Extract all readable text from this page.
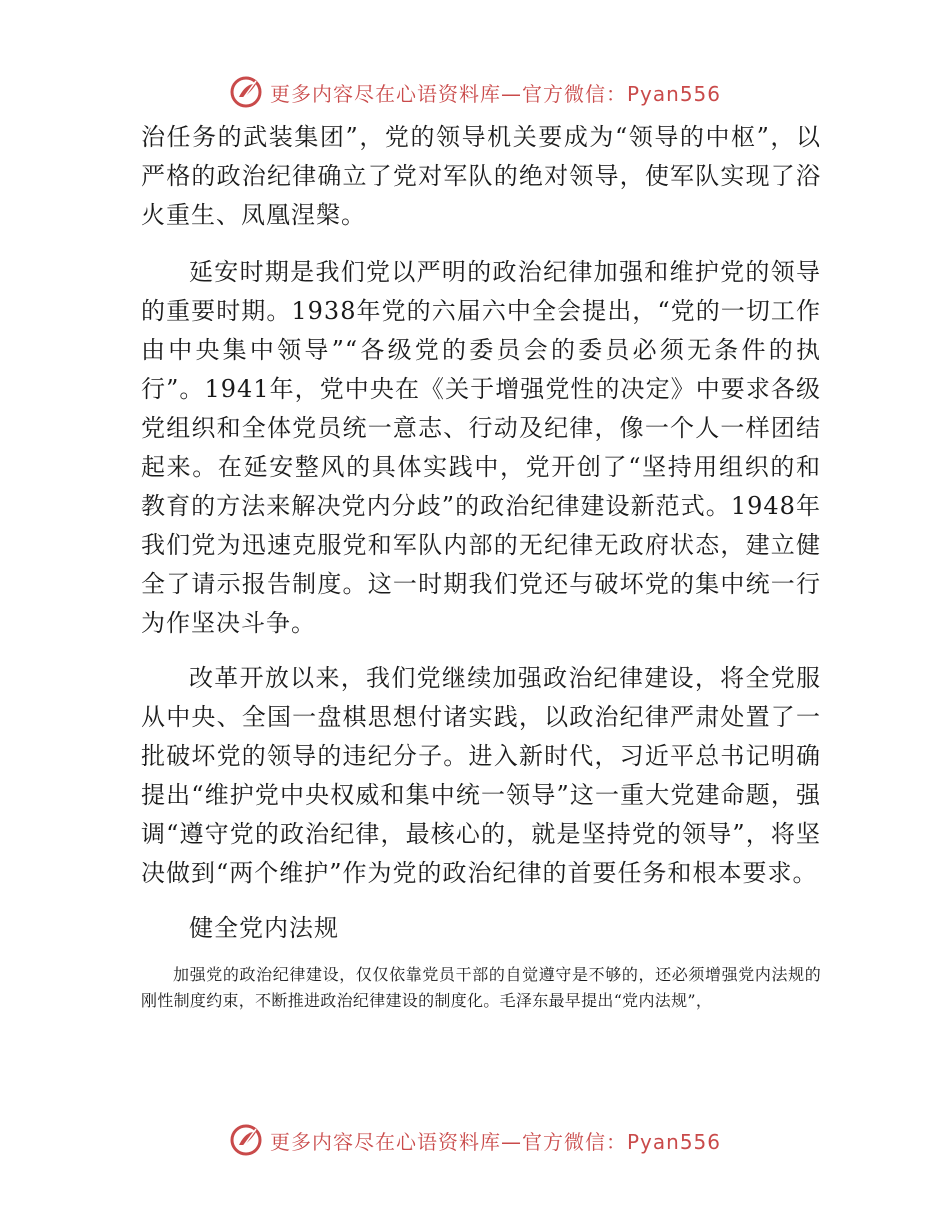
更多内容尽在心语资料库—官方微信：Pyan556

治任务的武装集团”，党的领导机关要成为“领导的中枢”，以严格的政治纪律确立了党对军队的绝对领导，使军队实现了浴火重生、凤凰涅槃。

延安时期是我们党以严明的政治纪律加强和维护党的领导的重要时期。1938年党的六届六中全会提出，“党的一切工作由中央集中领导”“各级党的委员会的委员必须无条件的执行”。1941年，党中央在《关于增强党性的决定》中要求各级党组织和全体党员统一意志、行动及纪律，像一个人一样团结起来。在延安整风的具体实践中，党开创了“坚持用组织的和教育的方法来解决党内分歧”的政治纪律建设新范式。1948年我们党为迅速克服党和军队内部的无纪律无政府状态，建立健全了请示报告制度。这一时期我们党还与破坏党的集中统一行为作坚决斗争。

改革开放以来，我们党继续加强政治纪律建设，将全党服从中央、全国一盘棋思想付诸实践，以政治纪律严肃处置了一批破坏党的领导的违纪分子。进入新时代，习近平总书记明确提出“维护党中央权威和集中统一领导”这一重大党建命题，强调“遵守党的政治纪律，最核心的，就是坚持党的领导”，将坚决做到“两个维护”作为党的政治纪律的首要任务和根本要求。

健全党内法规

加强党的政治纪律建设，仅仅依靠党员干部的自觉遵守是不够的，还必须增强党内法规的刚性制度约束，不断推进政治纪律建设的制度化。毛泽东最早提出“党内法规”，

更多内容尽在心语资料库—官方微信：Pyan556
